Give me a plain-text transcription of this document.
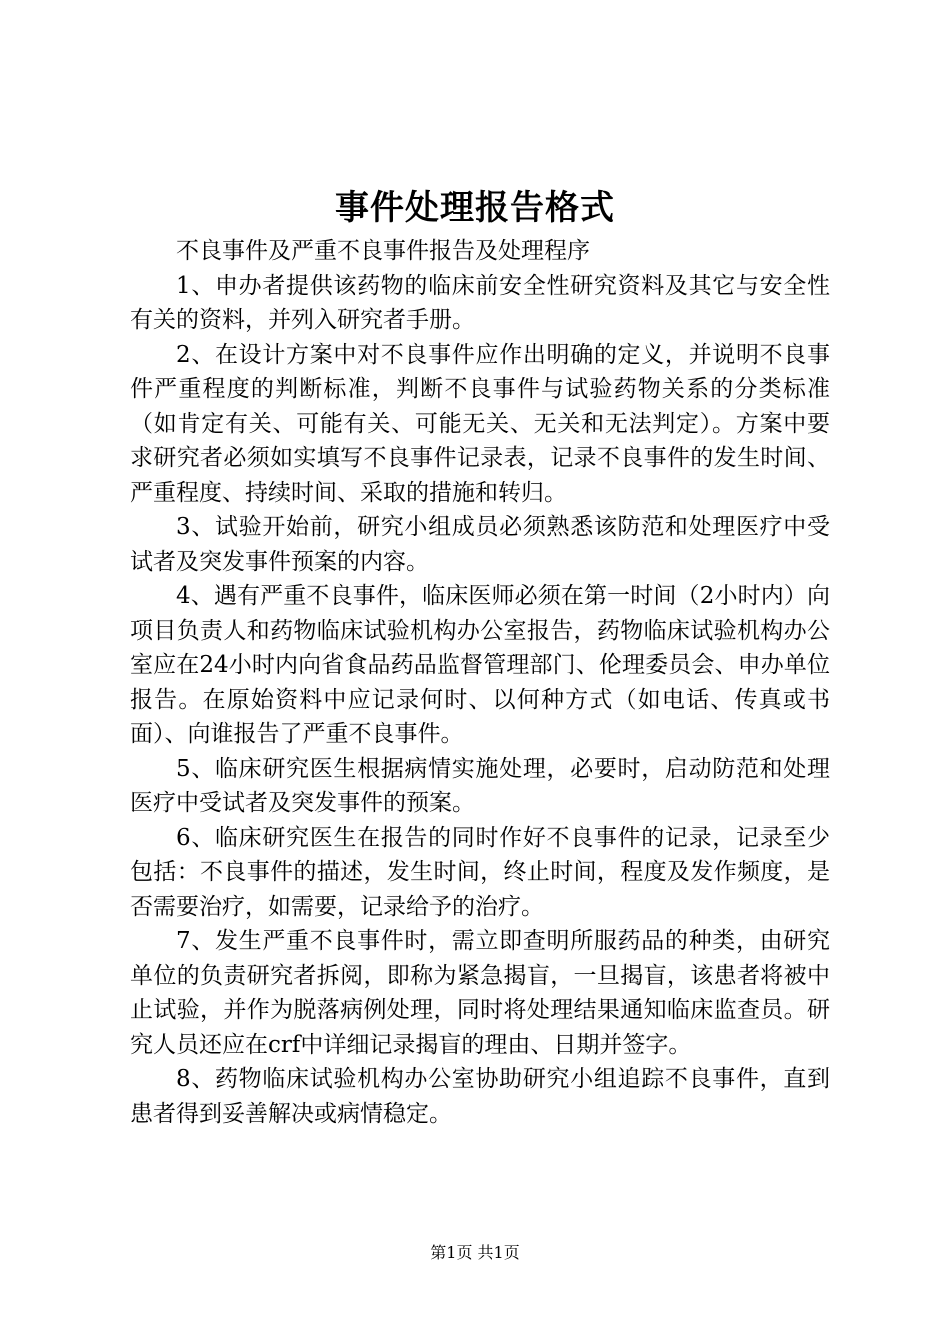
事件处理报告格式

不良事件及严重不良事件报告及处理程序

1、申办者提供该药物的临床前安全性研究资料及其它与安全性有关的资料，并列入研究者手册。

2、在设计方案中对不良事件应作出明确的定义，并说明不良事件严重程度的判断标准，判断不良事件与试验药物关系的分类标准（如肯定有关、可能有关、可能无关、无关和无法判定）。方案中要求研究者必须如实填写不良事件记录表，记录不良事件的发生时间、严重程度、持续时间、采取的措施和转归。

3、试验开始前，研究小组成员必须熟悉该防范和处理医疗中受试者及突发事件预案的内容。

4、遇有严重不良事件，临床医师必须在第一时间（2小时内）向项目负责人和药物临床试验机构办公室报告，药物临床试验机构办公室应在24小时内向省食品药品监督管理部门、伦理委员会、申办单位报告。在原始资料中应记录何时、以何种方式（如电话、传真或书面）、向谁报告了严重不良事件。

5、临床研究医生根据病情实施处理，必要时，启动防范和处理医疗中受试者及突发事件的预案。

6、临床研究医生在报告的同时作好不良事件的记录，记录至少包括：不良事件的描述，发生时间，终止时间，程度及发作频度，是否需要治疗，如需要，记录给予的治疗。

7、发生严重不良事件时，需立即查明所服药品的种类，由研究单位的负责研究者拆阅，即称为紧急揭盲，一旦揭盲，该患者将被中止试验，并作为脱落病例处理，同时将处理结果通知临床监查员。研究人员还应在crf中详细记录揭盲的理由、日期并签字。

8、药物临床试验机构办公室协助研究小组追踪不良事件，直到患者得到妥善解决或病情稳定。

第1页 共1页
